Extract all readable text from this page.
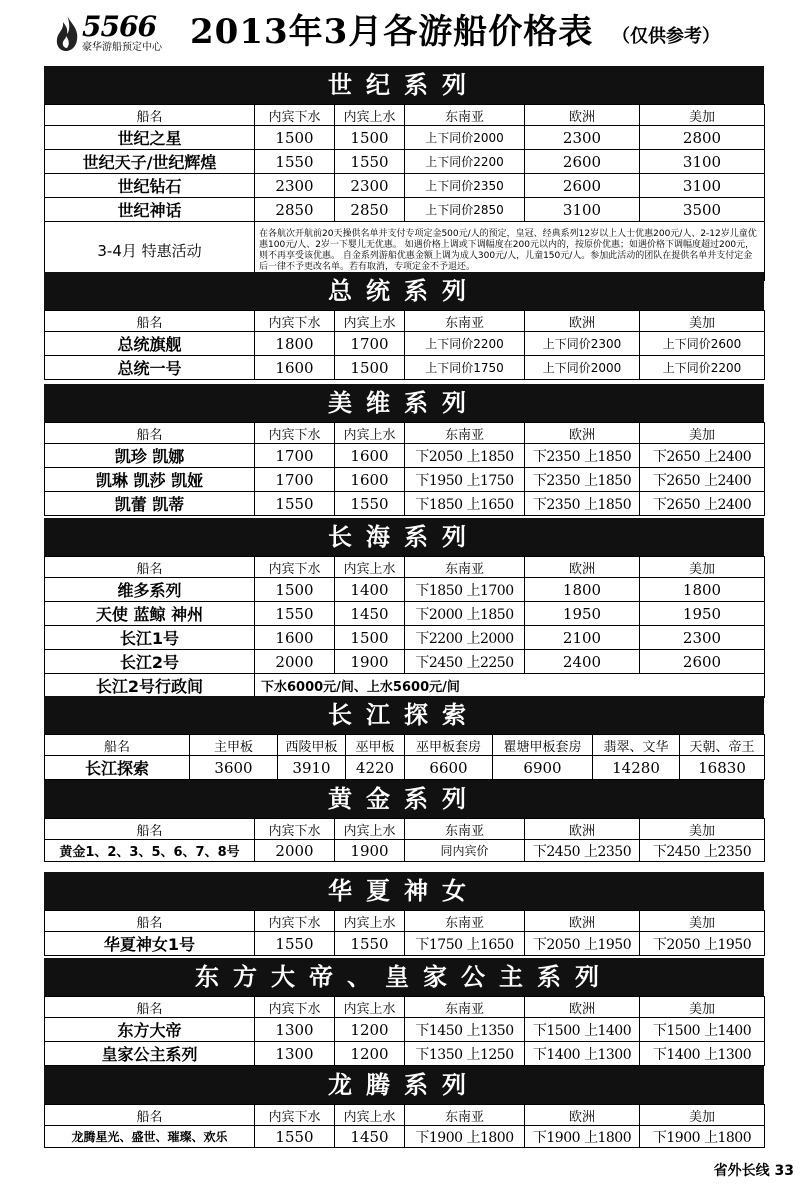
5566
豪华游船预定中心 2013年3月各游船价格表 （仅供参考）
世纪系列
船名	内宾下水	内宾上水	东南亚	欧洲	美加
世纪之星	1500	1500	上下同价2000	2300	2800
世纪天子/世纪辉煌	1550	1550	上下同价2200	2600	3100
世纪钻石	2300	2300	上下同价2350	2600	3100
世纪神话	2850	2850	上下同价2850	3100	3500
3-4月 特惠活动	在各航次开航前20天操供名单并支付专项定金500元/人的预定，皇冠、经典系列12岁以上人士优惠200元/人、2-12岁儿童优惠100元/人、2岁一下婴儿无优惠。 如遇价格上调或下调幅度在200元以内的，按原价优惠；如遇价格下调幅度超过200元，则不再享受该优惠。 自金系列游船优惠金额上调为成人300元/人，儿童150元/人。参加此活动的团队在提供名单并支付定金后一律不予更改名单。若有取消，专项定金不予退还。				
总统系列
船名	内宾下水	内宾上水	东南亚	欧洲	美加
总统旗舰	1800	1700	上下同价2200	上下同价2300	上下同价2600
总统一号	1600	1500	上下同价1750	上下同价2000	上下同价2200
美维系列
船名	内宾下水	内宾上水	东南亚	欧洲	美加
凯珍 凯娜	1700	1600	下2050 上1850	下2350 上1850	下2650 上2400
凯琳 凯莎 凯娅	1700	1600	下1950 上1750	下2350 上1850	下2650 上2400
凯蕾 凯蒂	1550	1550	下1850 上1650	下2350 上1850	下2650 上2400
长海系列
船名	内宾下水	内宾上水	东南亚	欧洲	美加
维多系列	1500	1400	下1850 上1700	1800	1800
天使 蓝鲸 神州	1550	1450	下2000 上1850	1950	1950
长江1号	1600	1500	下2200 上2000	2100	2300
长江2号	2000	1900	下2450 上2250	2400	2600
长江2号行政间	下水6000元/间、上水5600元/间				
长江探索
船名	主甲板	西陵甲板	巫甲板	巫甲板套房	瞿塘甲板套房	翡翠、文华	天朝、帝王
长江探索	3600	3910	4220	6600	6900	14280	16830
黄金系列
船名	内宾下水	内宾上水	东南亚	欧洲	美加
黄金1、2、3、5、6、7、8号	2000	1900	同内宾价	下2450 上2350	下2450 上2350
华夏神女
船名	内宾下水	内宾上水	东南亚	欧洲	美加
华夏神女1号	1550	1550	下1750 上1650	下2050 上1950	下2050 上1950
东方大帝、皇家公主系列
船名	内宾下水	内宾上水	东南亚	欧洲	美加
东方大帝	1300	1200	下1450 上1350	下1500 上1400	下1500 上1400
皇家公主系列	1300	1200	下1350 上1250	下1400 上1300	下1400 上1300
龙腾系列
船名	内宾下水	内宾上水	东南亚	欧洲	美加
龙腾星光、盛世、璀璨、欢乐	1550	1450	下1900 上1800	下1900 上1800	下1900 上1800
省外长线 33
